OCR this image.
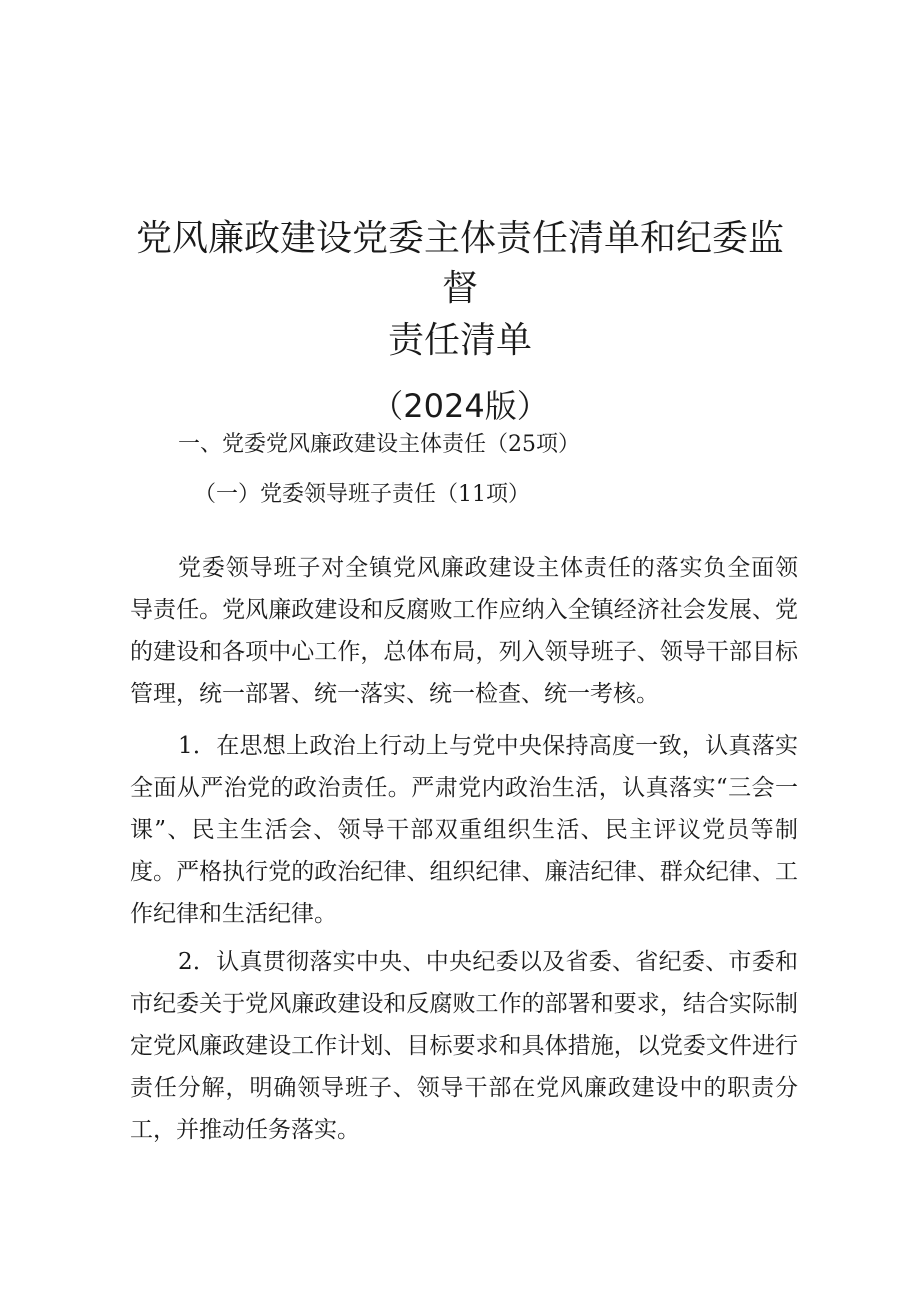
党风廉政建设党委主体责任清单和纪委监督
责任清单
（2024版）
一、党委党风廉政建设主体责任（25项）
（一）党委领导班子责任（11项）

党委领导班子对全镇党风廉政建设主体责任的落实负全面领导责任。党风廉政建设和反腐败工作应纳入全镇经济社会发展、党的建设和各项中心工作，总体布局，列入领导班子、领导干部目标管理，统一部署、统一落实、统一检查、统一考核。

1．在思想上政治上行动上与党中央保持高度一致，认真落实全面从严治党的政治责任。严肃党内政治生活，认真落实“三会一课”、民主生活会、领导干部双重组织生活、民主评议党员等制度。严格执行党的政治纪律、组织纪律、廉洁纪律、群众纪律、工作纪律和生活纪律。

2．认真贯彻落实中央、中央纪委以及省委、省纪委、市委和市纪委关于党风廉政建设和反腐败工作的部署和要求，结合实际制定党风廉政建设工作计划、目标要求和具体措施，以党委文件进行责任分解，明确领导班子、领导干部在党风廉政建设中的职责分工，并推动任务落实。
